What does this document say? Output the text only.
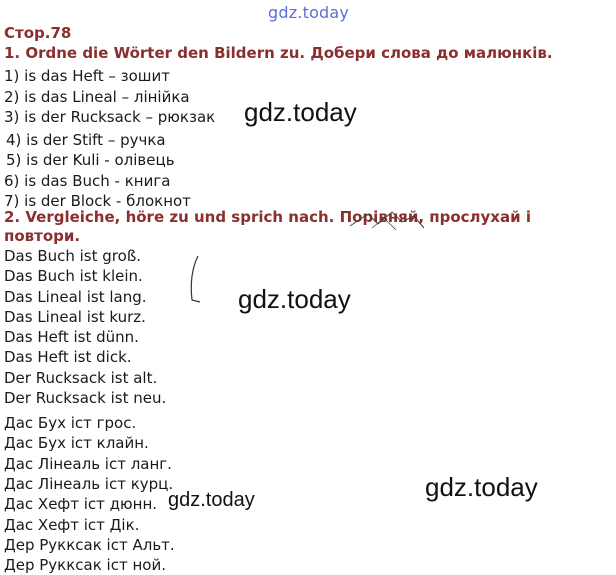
gdz.today
Стор.78
1. Ordne die Wörter den Bildern zu. Добери слова до малюнків.
1) is das Heft – зошит
2) is das Lineal – лінійка
3) is der Rucksack – рюкзак
4) is der Stift – ручка
5) is der Kuli - олівець
6) is das Buch - книга
7) is der Block - блокнот
2. Vergleiche, höre zu und sprich nach. Порівняй, прослухай і повтори.
Das Buch ist groß.
Das Buch ist klein.
Das Lineal ist lang.
Das Lineal ist kurz.
Das Heft ist dünn.
Das Heft ist dick.
Der Rucksack ist alt.
Der Rucksack ist neu.
Дас Бух іст грос.
Дас Бух іст клайн.
Дас Лінеаль іст ланг.
Дас Лінеаль іст курц.
Дас Хефт іст дюнн.
Дас Хефт іст Дік.
Дер Рукксак іст Альт.
Дер Рукксак іст ной.
gdz.today
gdz.today
gdz.today
gdz.today
